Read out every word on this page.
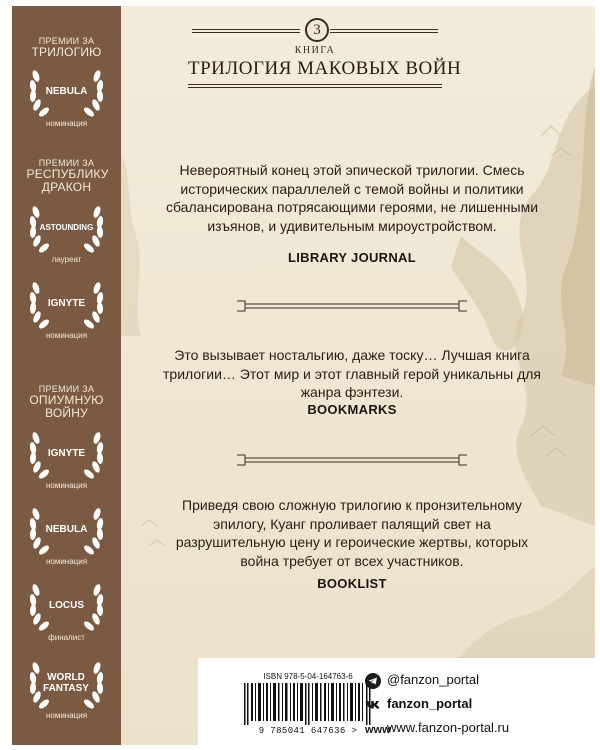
ПРЕМИИ ЗА
ТРИЛОГИЮ
NEBULA
номинация
ПРЕМИИ ЗА
РЕСПУБЛИКУ ДРАКОН
ASTOUNDING
лауреат
IGNYTE
номинация
ПРЕМИИ ЗА
ОПИУМНУЮ ВОЙНУ
IGNYTE
номинация
NEBULA
номинация
LOCUS
финалист
WORLD FANTASY
номинация
3
КНИГА
ТРИЛОГИЯ МАКОВЫХ ВОЙН
Невероятный конец этой эпической трилогии. Смесь исторических параллелей с темой войны и политики сбалансирована потрясающими героями, не лишенными изъянов, и удивительным мироустройством.
LIBRARY JOURNAL
Это вызывает ностальгию, даже тоску… Лучшая книга трилогии… Этот мир и этот главный герой уникальны для жанра фэнтези.
BOOKMARKS
Приведя свою сложную трилогию к пронзительному эпилогу, Куанг проливает палящий свет на разрушительную цену и героические жертвы, которых война требует от всех участников.
BOOKLIST
ISBN 978-5-04-164763-6
9 785041 647636 >
@fanzon_portal
fanzon_portal
www
www.fanzon-portal.ru
